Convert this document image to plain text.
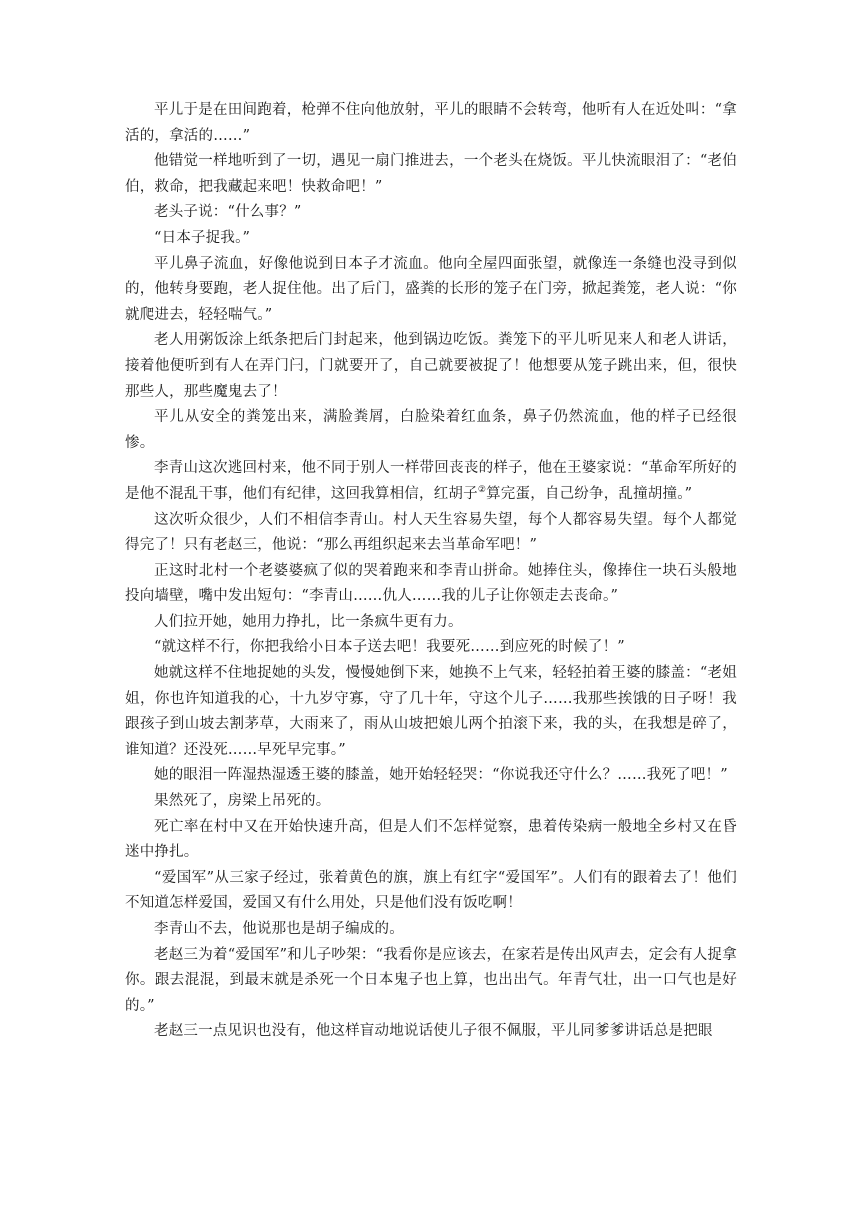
平儿于是在田间跑着，枪弹不住向他放射，平儿的眼睛不会转弯，他听有人在近处叫：“拿活的，拿活的……”

他错觉一样地听到了一切，遇见一扇门推进去，一个老头在烧饭。平儿快流眼泪了：“老伯伯，救命，把我藏起来吧！快救命吧！”

老头子说：“什么事？”

“日本子捉我。”

平儿鼻子流血，好像他说到日本子才流血。他向全屋四面张望，就像连一条缝也没寻到似的，他转身要跑，老人捉住他。出了后门，盛粪的长形的笼子在门旁，掀起粪笼，老人说：“你就爬进去，轻轻喘气。”

老人用粥饭涂上纸条把后门封起来，他到锅边吃饭。粪笼下的平儿听见来人和老人讲话，接着他便听到有人在弄门闩，门就要开了，自己就要被捉了！他想要从笼子跳出来，但，很快那些人，那些魔鬼去了！

平儿从安全的粪笼出来，满脸粪屑，白脸染着红血条，鼻子仍然流血，他的样子已经很惨。

李青山这次逃回村来，他不同于别人一样带回丧丧的样子，他在王婆家说：“革命军所好的是他不混乱干事，他们有纪律，这回我算相信，红胡子②算完蛋，自己纷争，乱撞胡撞。”

这次听众很少，人们不相信李青山。村人天生容易失望，每个人都容易失望。每个人都觉得完了！只有老赵三，他说：“那么再组织起来去当革命军吧！”

正这时北村一个老婆婆疯了似的哭着跑来和李青山拼命。她捧住头，像捧住一块石头般地投向墙壁，嘴中发出短句：“李青山……仇人……我的儿子让你领走去丧命。”

人们拉开她，她用力挣扎，比一条疯牛更有力。

“就这样不行，你把我给小日本子送去吧！我要死……到应死的时候了！”

她就这样不住地捉她的头发，慢慢她倒下来，她换不上气来，轻轻拍着王婆的膝盖：“老姐姐，你也许知道我的心，十九岁守寡，守了几十年，守这个儿子……我那些挨饿的日子呀！我跟孩子到山坡去割茅草，大雨来了，雨从山坡把娘儿两个拍滚下来，我的头，在我想是碎了，谁知道？还没死……早死早完事。”

她的眼泪一阵湿热湿透王婆的膝盖，她开始轻轻哭：“你说我还守什么？……我死了吧！”

果然死了，房梁上吊死的。

死亡率在村中又在开始快速升高，但是人们不怎样觉察，患着传染病一般地全乡村又在昏迷中挣扎。

“爱国军”从三家子经过，张着黄色的旗，旗上有红字“爱国军”。人们有的跟着去了！他们不知道怎样爱国，爱国又有什么用处，只是他们没有饭吃啊！

李青山不去，他说那也是胡子编成的。

老赵三为着“爱国军”和儿子吵架：“我看你是应该去，在家若是传出风声去，定会有人捉拿你。跟去混混，到最末就是杀死一个日本鬼子也上算，也出出气。年青气壮，出一口气也是好的。”

老赵三一点见识也没有，他这样盲动地说话使儿子很不佩服，平儿同爹爹讲话总是把眼
